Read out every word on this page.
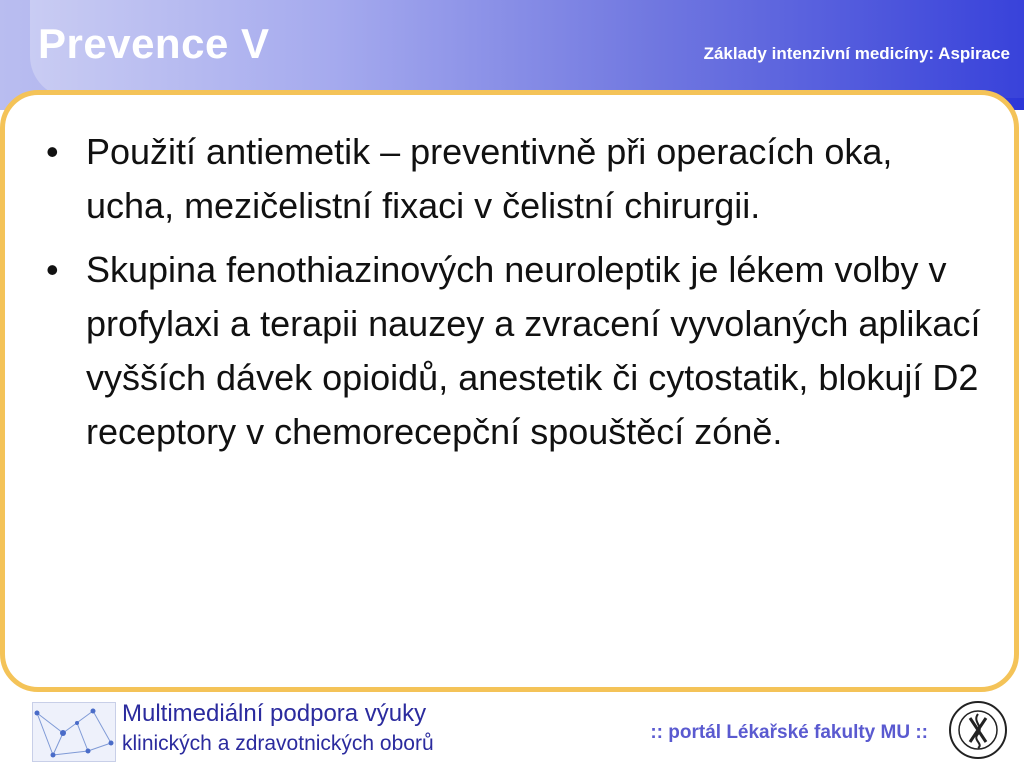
Prevence V	Základy intenzivní medicíny: Aspirace
• Použití antiemetik – preventivně při operacích oka, ucha, mezičelistní fixaci v čelistní chirurgii.
• Skupina fenothiazinových neuroleptik je lékem volby v profylaxi a terapii nauzey a zvracení vyvolaných aplikací vyšších dávek opioidů, anestetik či cytostatik, blokují D2 receptory v chemorecepční spouštěcí zóně.
Multimediální podpora výuky
klinických a zdravotnických oborů	:: portál Lékařské fakulty MU ::
